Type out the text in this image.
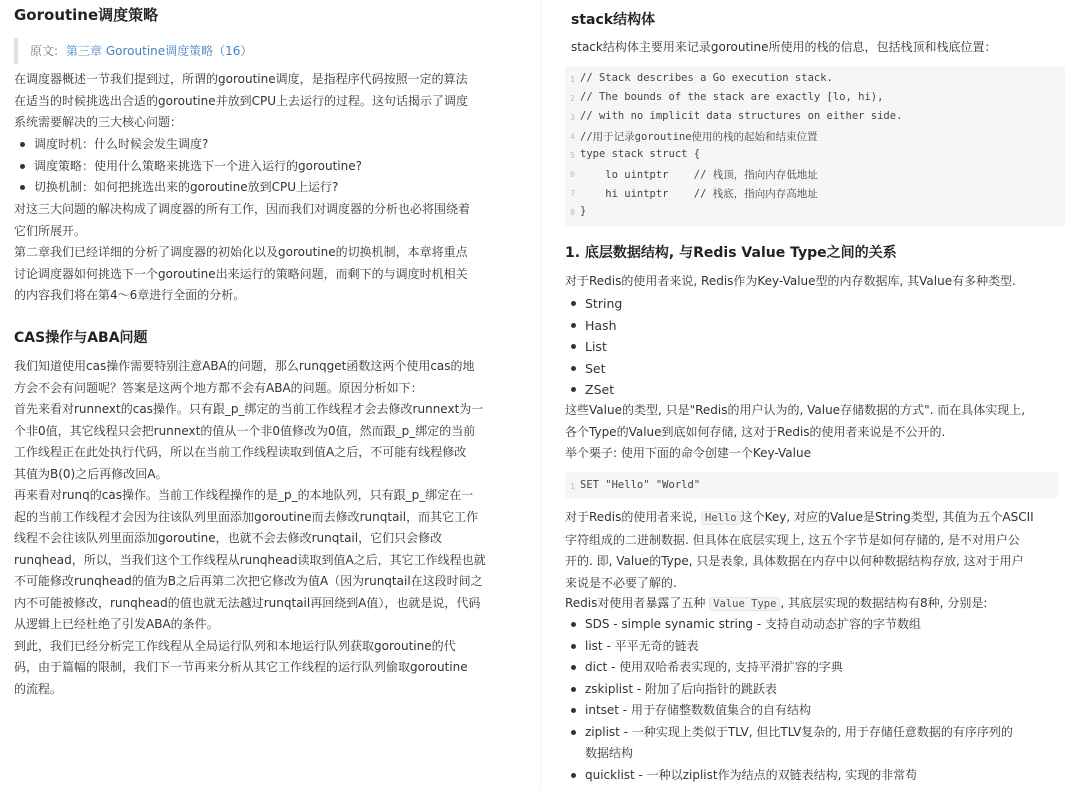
Goroutine调度策略
原文: 第三章 Goroutine调度策略（16）
在调度器概述一节我们提到过，所谓的goroutine调度，是指程序代码按照一定的算法
在适当的时候挑选出合适的goroutine并放到CPU上去运行的过程。这句话揭示了调度
系统需要解决的三大核心问题：
调度时机：什么时候会发生调度?
调度策略：使用什么策略来挑选下一个进入运行的goroutine?
切换机制：如何把挑选出来的goroutine放到CPU上运行?
对这三大问题的解决构成了调度器的所有工作，因而我们对调度器的分析也必将围绕着
它们所展开。
第二章我们已经详细的分析了调度器的初始化以及goroutine的切换机制，本章将重点
讨论调度器如何挑选下一个goroutine出来运行的策略问题，而剩下的与调度时机相关
的内容我们将在第4～6章进行全面的分析。
CAS操作与ABA问题
我们知道使用cas操作需要特别注意ABA的问题，那么runqget函数这两个使用cas的地
方会不会有问题呢？答案是这两个地方都不会有ABA的问题。原因分析如下：
首先来看对runnext的cas操作。只有跟_p_绑定的当前工作线程才会去修改runnext为一
个非0值，其它线程只会把runnext的值从一个非0值修改为0值，然而跟_p_绑定的当前
工作线程正在此处执行代码，所以在当前工作线程读取到值A之后，不可能有线程修改
其值为B(0)之后再修改回A。
再来看对runq的cas操作。当前工作线程操作的是_p_的本地队列，只有跟_p_绑定在一
起的当前工作线程才会因为往该队列里面添加goroutine而去修改runqtail，而其它工作
线程不会往该队列里面添加goroutine，也就不会去修改runqtail，它们只会修改
runqhead，所以，当我们这个工作线程从runqhead读取到值A之后，其它工作线程也就
不可能修改runqhead的值为B之后再第二次把它修改为值A（因为runqtail在这段时间之
内不可能被修改，runqhead的值也就无法越过runqtail再回绕到A值），也就是说，代码
从逻辑上已经杜绝了引发ABA的条件。
到此，我们已经分析完工作线程从全局运行队列和本地运行队列获取goroutine的代
码，由于篇幅的限制，我们下一节再来分析从其它工作线程的运行队列偷取goroutine
的流程。
stack结构体
stack结构体主要用来记录goroutine所使用的栈的信息，包括栈顶和栈底位置：
1 // Stack describes a Go execution stack.
2 // The bounds of the stack are exactly [lo, hi),
3 // with no implicit data structures on either side.
4 //用于记录goroutine使用的栈的起始和结束位置
5 type stack struct {
6 lo uintptr    // 栈顶，指向内存低地址
7 hi uintptr    // 栈底，指向内存高地址
8 }
1. 底层数据结构, 与Redis Value Type之间的关系
对于Redis的使用者来说, Redis作为Key-Value型的内存数据库, 其Value有多种类型.
String
Hash
List
Set
ZSet
这些Value的类型, 只是"Redis的用户认为的, Value存储数据的方式". 而在具体实现上,
各个Type的Value到底如何存储, 这对于Redis的使用者来说是不公开的.
举个栗子: 使用下面的命令创建一个Key-Value
1 SET "Hello" "World"
对于Redis的使用者来说, Hello 这个Key, 对应的Value是String类型, 其值为五个ASCII
字符组成的二进制数据. 但具体在底层实现上, 这五个字节是如何存储的, 是不对用户公
开的. 即, Value的Type, 只是表象, 具体数据在内存中以何种数据结构存放, 这对于用户
来说是不必要了解的.
Redis对使用者暴露了五种 Value Type , 其底层实现的数据结构有8种, 分别是:
SDS - simple synamic string - 支持自动动态扩容的字节数组
list - 平平无奇的链表
dict - 使用双哈希表实现的, 支持平滑扩容的字典
zskiplist - 附加了后向指针的跳跃表
intset - 用于存储整数数值集合的自有结构
ziplist - 一种实现上类似于TLV, 但比TLV复杂的, 用于存储任意数据的有序序列的
数据结构
quicklist - 一种以ziplist作为结点的双链表结构, 实现的非常苟
